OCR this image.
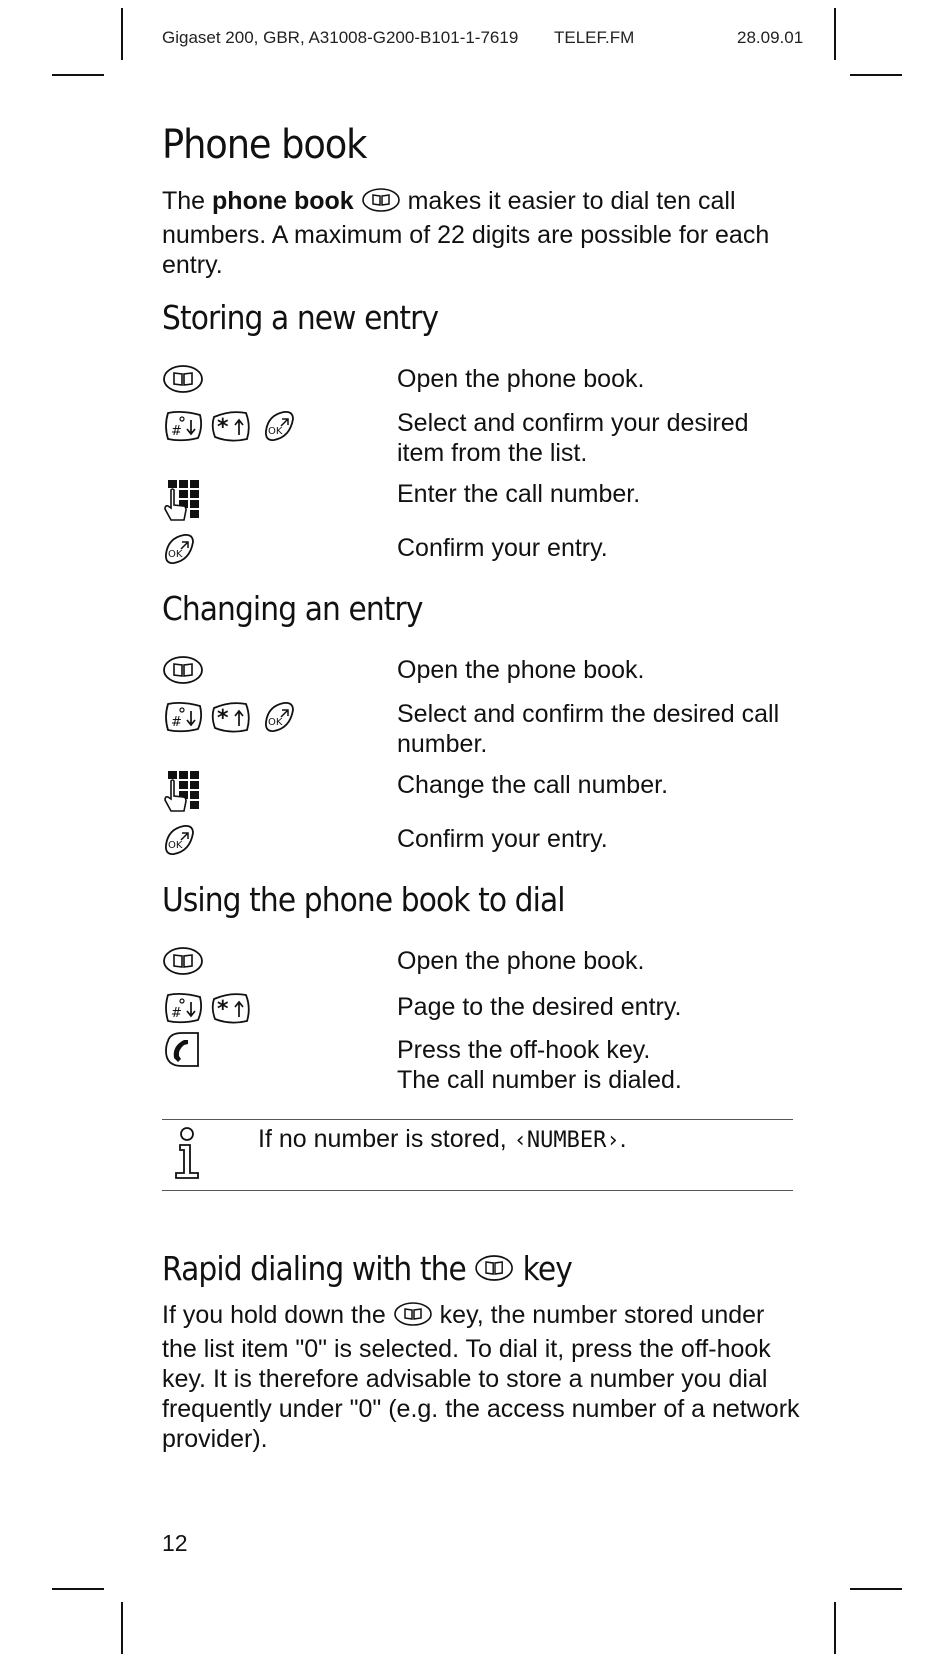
Gigaset 200, GBR, A31008-G200-B101-1-7619 TELEF.FM	28.09.01
Phone book

The phone book  makes it easier to dial ten call numbers. A maximum of 22 digits are possible for each entry.

Storing a new entry

Open the phone book.

# *	OK	Select and confirm your desired item from the list.

Enter the call number.

OK	Confirm your entry.

Changing an entry

Open the phone book.

# *	OK	Select and confirm the desired call number.

Change the call number.

OK	Confirm your entry.

Using the phone book to dial

Open the phone book.

# *	Page to the desired entry.

Press the off-hook key.
The call number is dialed.

If no number is stored, ‹NUMBER›.

Rapid dialing with the  key

If you hold down the  key, the number stored under the list item "0" is selected. To dial it, press the off-hook key. It is therefore advisable to store a number you dial frequently under "0" (e.g. the access number of a network provider).

12
